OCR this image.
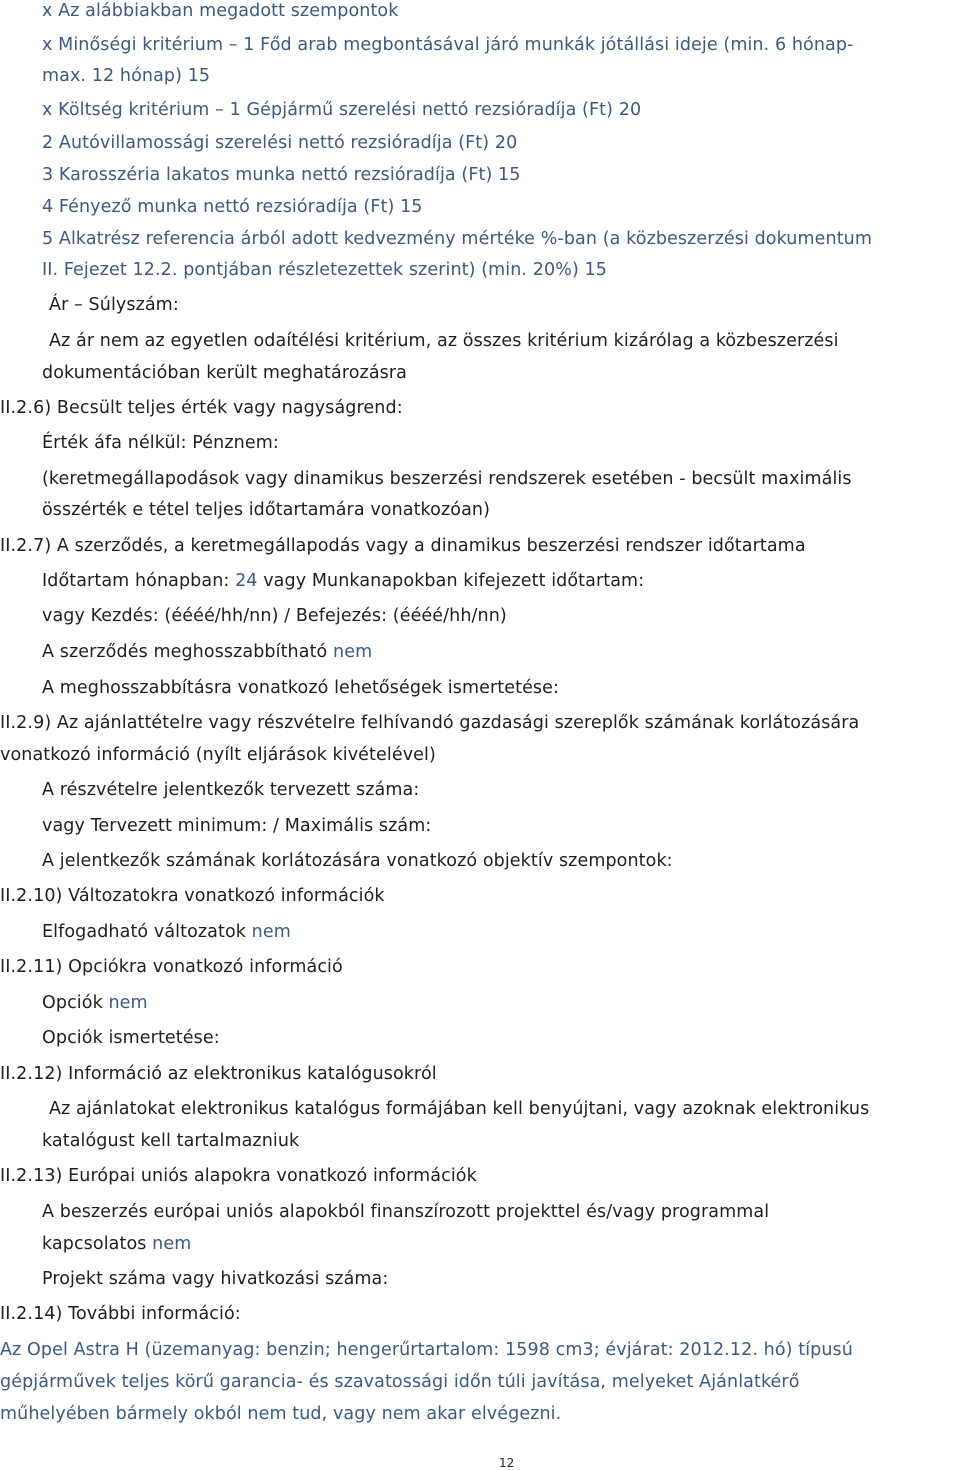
x Az alábbiakban megadott szempontok
x Minőségi kritérium – 1 Főd arab megbontásával járó munkák jótállási ideje (min. 6 hónap-
max. 12 hónap) 15
x Költség kritérium – 1 Gépjármű szerelési nettó rezsióradíja (Ft) 20
2 Autóvillamossági szerelési nettó rezsióradíja (Ft) 20
3 Karosszéria lakatos munka nettó rezsióradíja (Ft) 15
4 Fényező munka nettó rezsióradíja (Ft) 15
5 Alkatrész referencia árból adott kedvezmény mértéke %-ban (a közbeszerzési dokumentum
II. Fejezet 12.2. pontjában részletezettek szerint) (min. 20%) 15
Ár – Súlyszám:
Az ár nem az egyetlen odaítélési kritérium, az összes kritérium kizárólag a közbeszerzési
dokumentációban került meghatározásra
II.2.6) Becsült teljes érték vagy nagyságrend:
Érték áfa nélkül: Pénznem:
(keretmegállapodások vagy dinamikus beszerzési rendszerek esetében - becsült maximális
összérték e tétel teljes időtartamára vonatkozóan)
II.2.7) A szerződés, a keretmegállapodás vagy a dinamikus beszerzési rendszer időtartama
Időtartam hónapban: 24 vagy Munkanapokban kifejezett időtartam:
vagy Kezdés: (éééé/hh/nn) / Befejezés: (éééé/hh/nn)
A szerződés meghosszabbítható nem
A meghosszabbításra vonatkozó lehetőségek ismertetése:
II.2.9) Az ajánlattételre vagy részvételre felhívandó gazdasági szereplők számának korlátozására
vonatkozó információ (nyílt eljárások kivételével)
A részvételre jelentkezők tervezett száma:
vagy Tervezett minimum: / Maximális szám:
A jelentkezők számának korlátozására vonatkozó objektív szempontok:
II.2.10) Változatokra vonatkozó információk
Elfogadható változatok nem
II.2.11) Opciókra vonatkozó információ
Opciók nem
Opciók ismertetése:
II.2.12) Információ az elektronikus katalógusokról
Az ajánlatokat elektronikus katalógus formájában kell benyújtani, vagy azoknak elektronikus
katalógust kell tartalmazniuk
II.2.13) Európai uniós alapokra vonatkozó információk
A beszerzés európai uniós alapokból finanszírozott projekttel és/vagy programmal
kapcsolatos nem
Projekt száma vagy hivatkozási száma:
II.2.14) További információ:
Az Opel Astra H (üzemanyag: benzin; hengerűrtartalom: 1598 cm3; évjárat: 2012.12. hó) típusú
gépjárművek teljes körű garancia- és szavatossági időn túli javítása, melyeket Ajánlatkérő
műhelyében bármely okból nem tud, vagy nem akar elvégezni.
12
